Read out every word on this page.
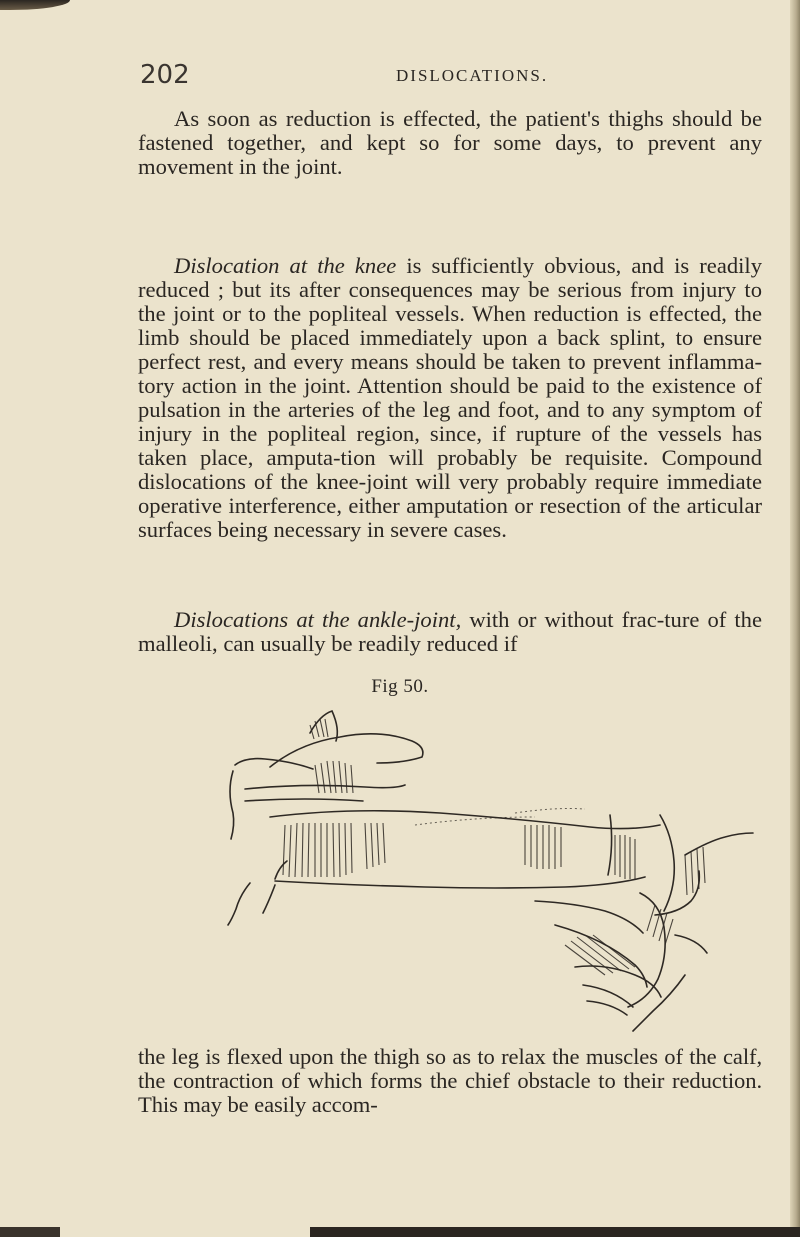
202	DISLOCATIONS.

As soon as reduction is effected, the patient's thighs should be fastened together, and kept so for some days, to prevent any movement in the joint.

Dislocation at the knee is sufficiently obvious, and is readily reduced ; but its after consequences may be serious from injury to the joint or to the popliteal vessels. When reduction is effected, the limb should be placed immediately upon a back splint, to ensure perfect rest, and every means should be taken to prevent inflamma-tory action in the joint. Attention should be paid to the existence of pulsation in the arteries of the leg and foot, and to any symptom of injury in the popliteal region, since, if rupture of the vessels has taken place, amputa-tion will probably be requisite. Compound dislocations of the knee-joint will very probably require immediate operative interference, either amputation or resection of the articular surfaces being necessary in severe cases.

Dislocations at the ankle-joint, with or without frac-ture of the malleoli, can usually be readily reduced if

Fig 50.

the leg is flexed upon the thigh so as to relax the muscles of the calf, the contraction of which forms the chief obstacle to their reduction. This may be easily accom-
